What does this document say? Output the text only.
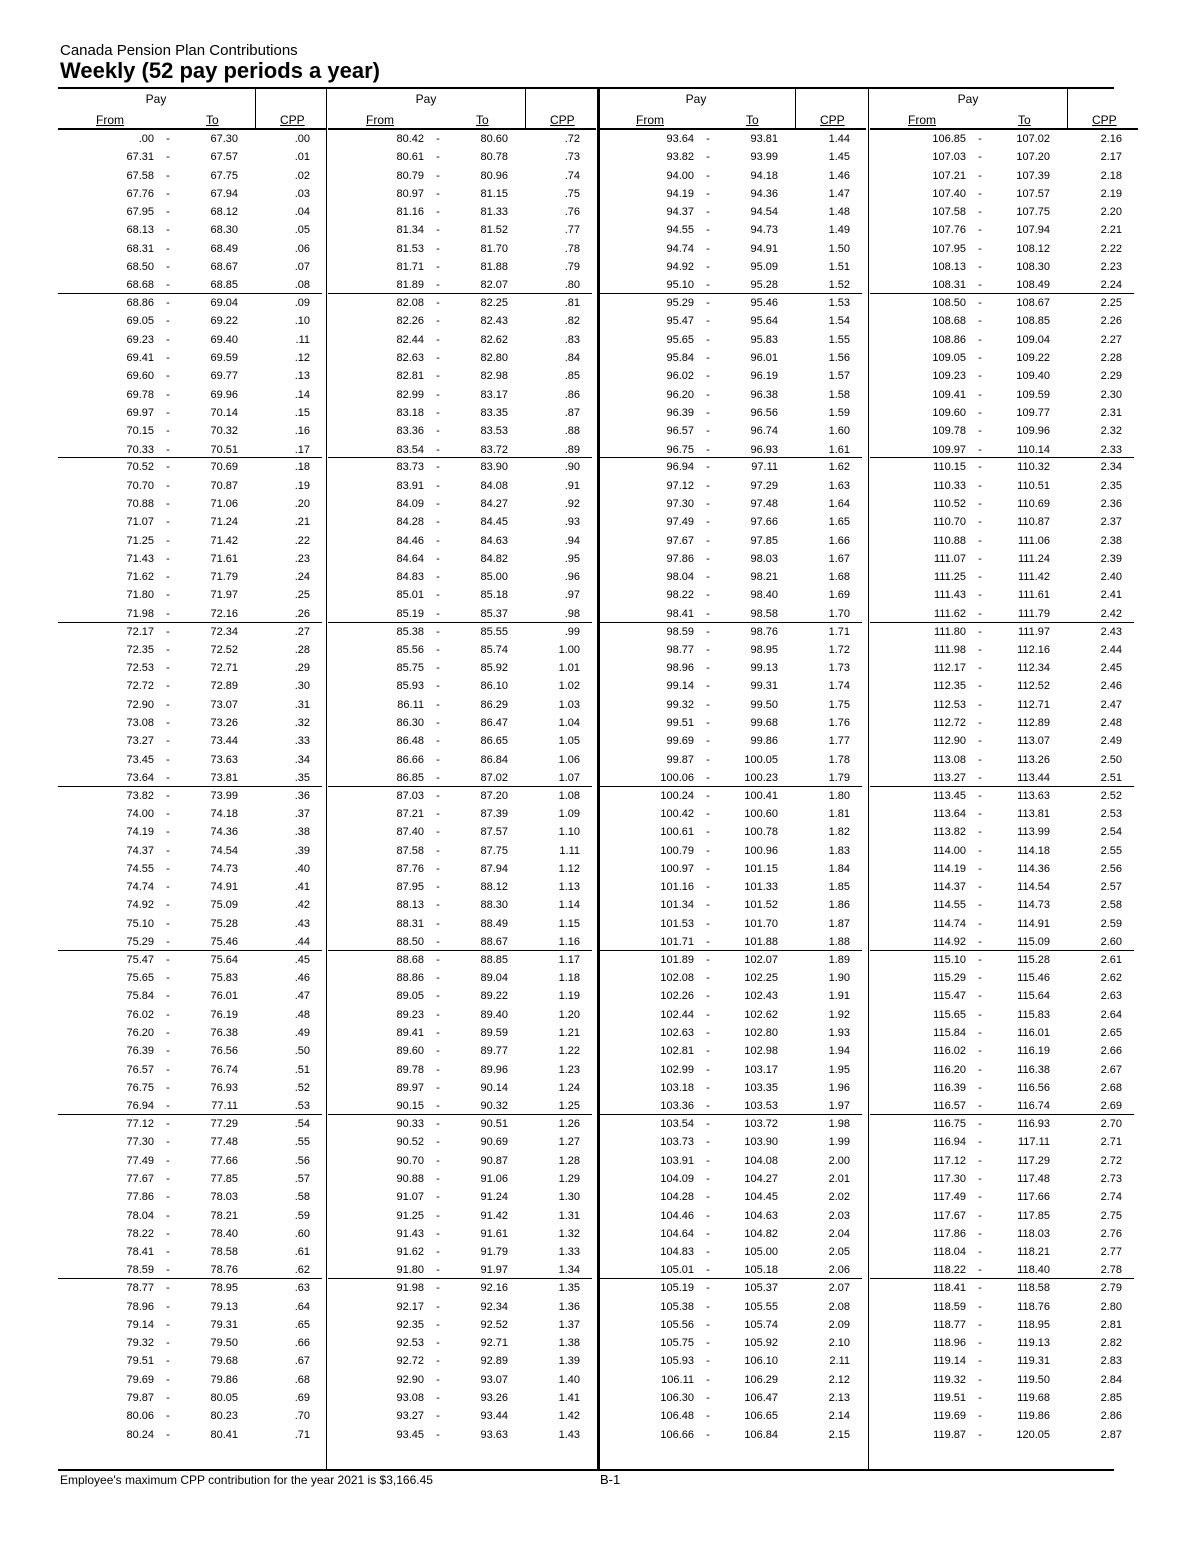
Canada Pension Plan Contributions
Weekly (52 pay periods a year)
Pay
From	To	CPP
.00	-	67.30	.00
67.31	-	67.57	.01
67.58	-	67.75	.02
67.76	-	67.94	.03
67.95	-	68.12	.04
68.13	-	68.30	.05
68.31	-	68.49	.06
68.50	-	68.67	.07
68.68	-	68.85	.08
68.86	-	69.04	.09
69.05	-	69.22	.10
69.23	-	69.40	.11
69.41	-	69.59	.12
69.60	-	69.77	.13
69.78	-	69.96	.14
69.97	-	70.14	.15
70.15	-	70.32	.16
70.33	-	70.51	.17
70.52	-	70.69	.18
70.70	-	70.87	.19
70.88	-	71.06	.20
71.07	-	71.24	.21
71.25	-	71.42	.22
71.43	-	71.61	.23
71.62	-	71.79	.24
71.80	-	71.97	.25
71.98	-	72.16	.26
72.17	-	72.34	.27
72.35	-	72.52	.28
72.53	-	72.71	.29
72.72	-	72.89	.30
72.90	-	73.07	.31
73.08	-	73.26	.32
73.27	-	73.44	.33
73.45	-	73.63	.34
73.64	-	73.81	.35
73.82	-	73.99	.36
74.00	-	74.18	.37
74.19	-	74.36	.38
74.37	-	74.54	.39
74.55	-	74.73	.40
74.74	-	74.91	.41
74.92	-	75.09	.42
75.10	-	75.28	.43
75.29	-	75.46	.44
75.47	-	75.64	.45
75.65	-	75.83	.46
75.84	-	76.01	.47
76.02	-	76.19	.48
76.20	-	76.38	.49
76.39	-	76.56	.50
76.57	-	76.74	.51
76.75	-	76.93	.52
76.94	-	77.11	.53
77.12	-	77.29	.54
77.30	-	77.48	.55
77.49	-	77.66	.56
77.67	-	77.85	.57
77.86	-	78.03	.58
78.04	-	78.21	.59
78.22	-	78.40	.60
78.41	-	78.58	.61
78.59	-	78.76	.62
78.77	-	78.95	.63
78.96	-	79.13	.64
79.14	-	79.31	.65
79.32	-	79.50	.66
79.51	-	79.68	.67
79.69	-	79.86	.68
79.87	-	80.05	.69
80.06	-	80.23	.70
80.24	-	80.41	.71
Pay
From	To	CPP
80.42	-	80.60	.72
80.61	-	80.78	.73
80.79	-	80.96	.74
80.97	-	81.15	.75
81.16	-	81.33	.76
81.34	-	81.52	.77
81.53	-	81.70	.78
81.71	-	81.88	.79
81.89	-	82.07	.80
82.08	-	82.25	.81
82.26	-	82.43	.82
82.44	-	82.62	.83
82.63	-	82.80	.84
82.81	-	82.98	.85
82.99	-	83.17	.86
83.18	-	83.35	.87
83.36	-	83.53	.88
83.54	-	83.72	.89
83.73	-	83.90	.90
83.91	-	84.08	.91
84.09	-	84.27	.92
84.28	-	84.45	.93
84.46	-	84.63	.94
84.64	-	84.82	.95
84.83	-	85.00	.96
85.01	-	85.18	.97
85.19	-	85.37	.98
85.38	-	85.55	.99
85.56	-	85.74	1.00
85.75	-	85.92	1.01
85.93	-	86.10	1.02
86.11	-	86.29	1.03
86.30	-	86.47	1.04
86.48	-	86.65	1.05
86.66	-	86.84	1.06
86.85	-	87.02	1.07
87.03	-	87.20	1.08
87.21	-	87.39	1.09
87.40	-	87.57	1.10
87.58	-	87.75	1.11
87.76	-	87.94	1.12
87.95	-	88.12	1.13
88.13	-	88.30	1.14
88.31	-	88.49	1.15
88.50	-	88.67	1.16
88.68	-	88.85	1.17
88.86	-	89.04	1.18
89.05	-	89.22	1.19
89.23	-	89.40	1.20
89.41	-	89.59	1.21
89.60	-	89.77	1.22
89.78	-	89.96	1.23
89.97	-	90.14	1.24
90.15	-	90.32	1.25
90.33	-	90.51	1.26
90.52	-	90.69	1.27
90.70	-	90.87	1.28
90.88	-	91.06	1.29
91.07	-	91.24	1.30
91.25	-	91.42	1.31
91.43	-	91.61	1.32
91.62	-	91.79	1.33
91.80	-	91.97	1.34
91.98	-	92.16	1.35
92.17	-	92.34	1.36
92.35	-	92.52	1.37
92.53	-	92.71	1.38
92.72	-	92.89	1.39
92.90	-	93.07	1.40
93.08	-	93.26	1.41
93.27	-	93.44	1.42
93.45	-	93.63	1.43
Pay
From	To	CPP
93.64	-	93.81	1.44
93.82	-	93.99	1.45
94.00	-	94.18	1.46
94.19	-	94.36	1.47
94.37	-	94.54	1.48
94.55	-	94.73	1.49
94.74	-	94.91	1.50
94.92	-	95.09	1.51
95.10	-	95.28	1.52
95.29	-	95.46	1.53
95.47	-	95.64	1.54
95.65	-	95.83	1.55
95.84	-	96.01	1.56
96.02	-	96.19	1.57
96.20	-	96.38	1.58
96.39	-	96.56	1.59
96.57	-	96.74	1.60
96.75	-	96.93	1.61
96.94	-	97.11	1.62
97.12	-	97.29	1.63
97.30	-	97.48	1.64
97.49	-	97.66	1.65
97.67	-	97.85	1.66
97.86	-	98.03	1.67
98.04	-	98.21	1.68
98.22	-	98.40	1.69
98.41	-	98.58	1.70
98.59	-	98.76	1.71
98.77	-	98.95	1.72
98.96	-	99.13	1.73
99.14	-	99.31	1.74
99.32	-	99.50	1.75
99.51	-	99.68	1.76
99.69	-	99.86	1.77
99.87	-	100.05	1.78
100.06	-	100.23	1.79
100.24	-	100.41	1.80
100.42	-	100.60	1.81
100.61	-	100.78	1.82
100.79	-	100.96	1.83
100.97	-	101.15	1.84
101.16	-	101.33	1.85
101.34	-	101.52	1.86
101.53	-	101.70	1.87
101.71	-	101.88	1.88
101.89	-	102.07	1.89
102.08	-	102.25	1.90
102.26	-	102.43	1.91
102.44	-	102.62	1.92
102.63	-	102.80	1.93
102.81	-	102.98	1.94
102.99	-	103.17	1.95
103.18	-	103.35	1.96
103.36	-	103.53	1.97
103.54	-	103.72	1.98
103.73	-	103.90	1.99
103.91	-	104.08	2.00
104.09	-	104.27	2.01
104.28	-	104.45	2.02
104.46	-	104.63	2.03
104.64	-	104.82	2.04
104.83	-	105.00	2.05
105.01	-	105.18	2.06
105.19	-	105.37	2.07
105.38	-	105.55	2.08
105.56	-	105.74	2.09
105.75	-	105.92	2.10
105.93	-	106.10	2.11
106.11	-	106.29	2.12
106.30	-	106.47	2.13
106.48	-	106.65	2.14
106.66	-	106.84	2.15
Pay
From	To	CPP
106.85	-	107.02	2.16
107.03	-	107.20	2.17
107.21	-	107.39	2.18
107.40	-	107.57	2.19
107.58	-	107.75	2.20
107.76	-	107.94	2.21
107.95	-	108.12	2.22
108.13	-	108.30	2.23
108.31	-	108.49	2.24
108.50	-	108.67	2.25
108.68	-	108.85	2.26
108.86	-	109.04	2.27
109.05	-	109.22	2.28
109.23	-	109.40	2.29
109.41	-	109.59	2.30
109.60	-	109.77	2.31
109.78	-	109.96	2.32
109.97	-	110.14	2.33
110.15	-	110.32	2.34
110.33	-	110.51	2.35
110.52	-	110.69	2.36
110.70	-	110.87	2.37
110.88	-	111.06	2.38
111.07	-	111.24	2.39
111.25	-	111.42	2.40
111.43	-	111.61	2.41
111.62	-	111.79	2.42
111.80	-	111.97	2.43
111.98	-	112.16	2.44
112.17	-	112.34	2.45
112.35	-	112.52	2.46
112.53	-	112.71	2.47
112.72	-	112.89	2.48
112.90	-	113.07	2.49
113.08	-	113.26	2.50
113.27	-	113.44	2.51
113.45	-	113.63	2.52
113.64	-	113.81	2.53
113.82	-	113.99	2.54
114.00	-	114.18	2.55
114.19	-	114.36	2.56
114.37	-	114.54	2.57
114.55	-	114.73	2.58
114.74	-	114.91	2.59
114.92	-	115.09	2.60
115.10	-	115.28	2.61
115.29	-	115.46	2.62
115.47	-	115.64	2.63
115.65	-	115.83	2.64
115.84	-	116.01	2.65
116.02	-	116.19	2.66
116.20	-	116.38	2.67
116.39	-	116.56	2.68
116.57	-	116.74	2.69
116.75	-	116.93	2.70
116.94	-	117.11	2.71
117.12	-	117.29	2.72
117.30	-	117.48	2.73
117.49	-	117.66	2.74
117.67	-	117.85	2.75
117.86	-	118.03	2.76
118.04	-	118.21	2.77
118.22	-	118.40	2.78
118.41	-	118.58	2.79
118.59	-	118.76	2.80
118.77	-	118.95	2.81
118.96	-	119.13	2.82
119.14	-	119.31	2.83
119.32	-	119.50	2.84
119.51	-	119.68	2.85
119.69	-	119.86	2.86
119.87	-	120.05	2.87
Employee's maximum CPP contribution for the year 2021 is $3,166.45	B-1
